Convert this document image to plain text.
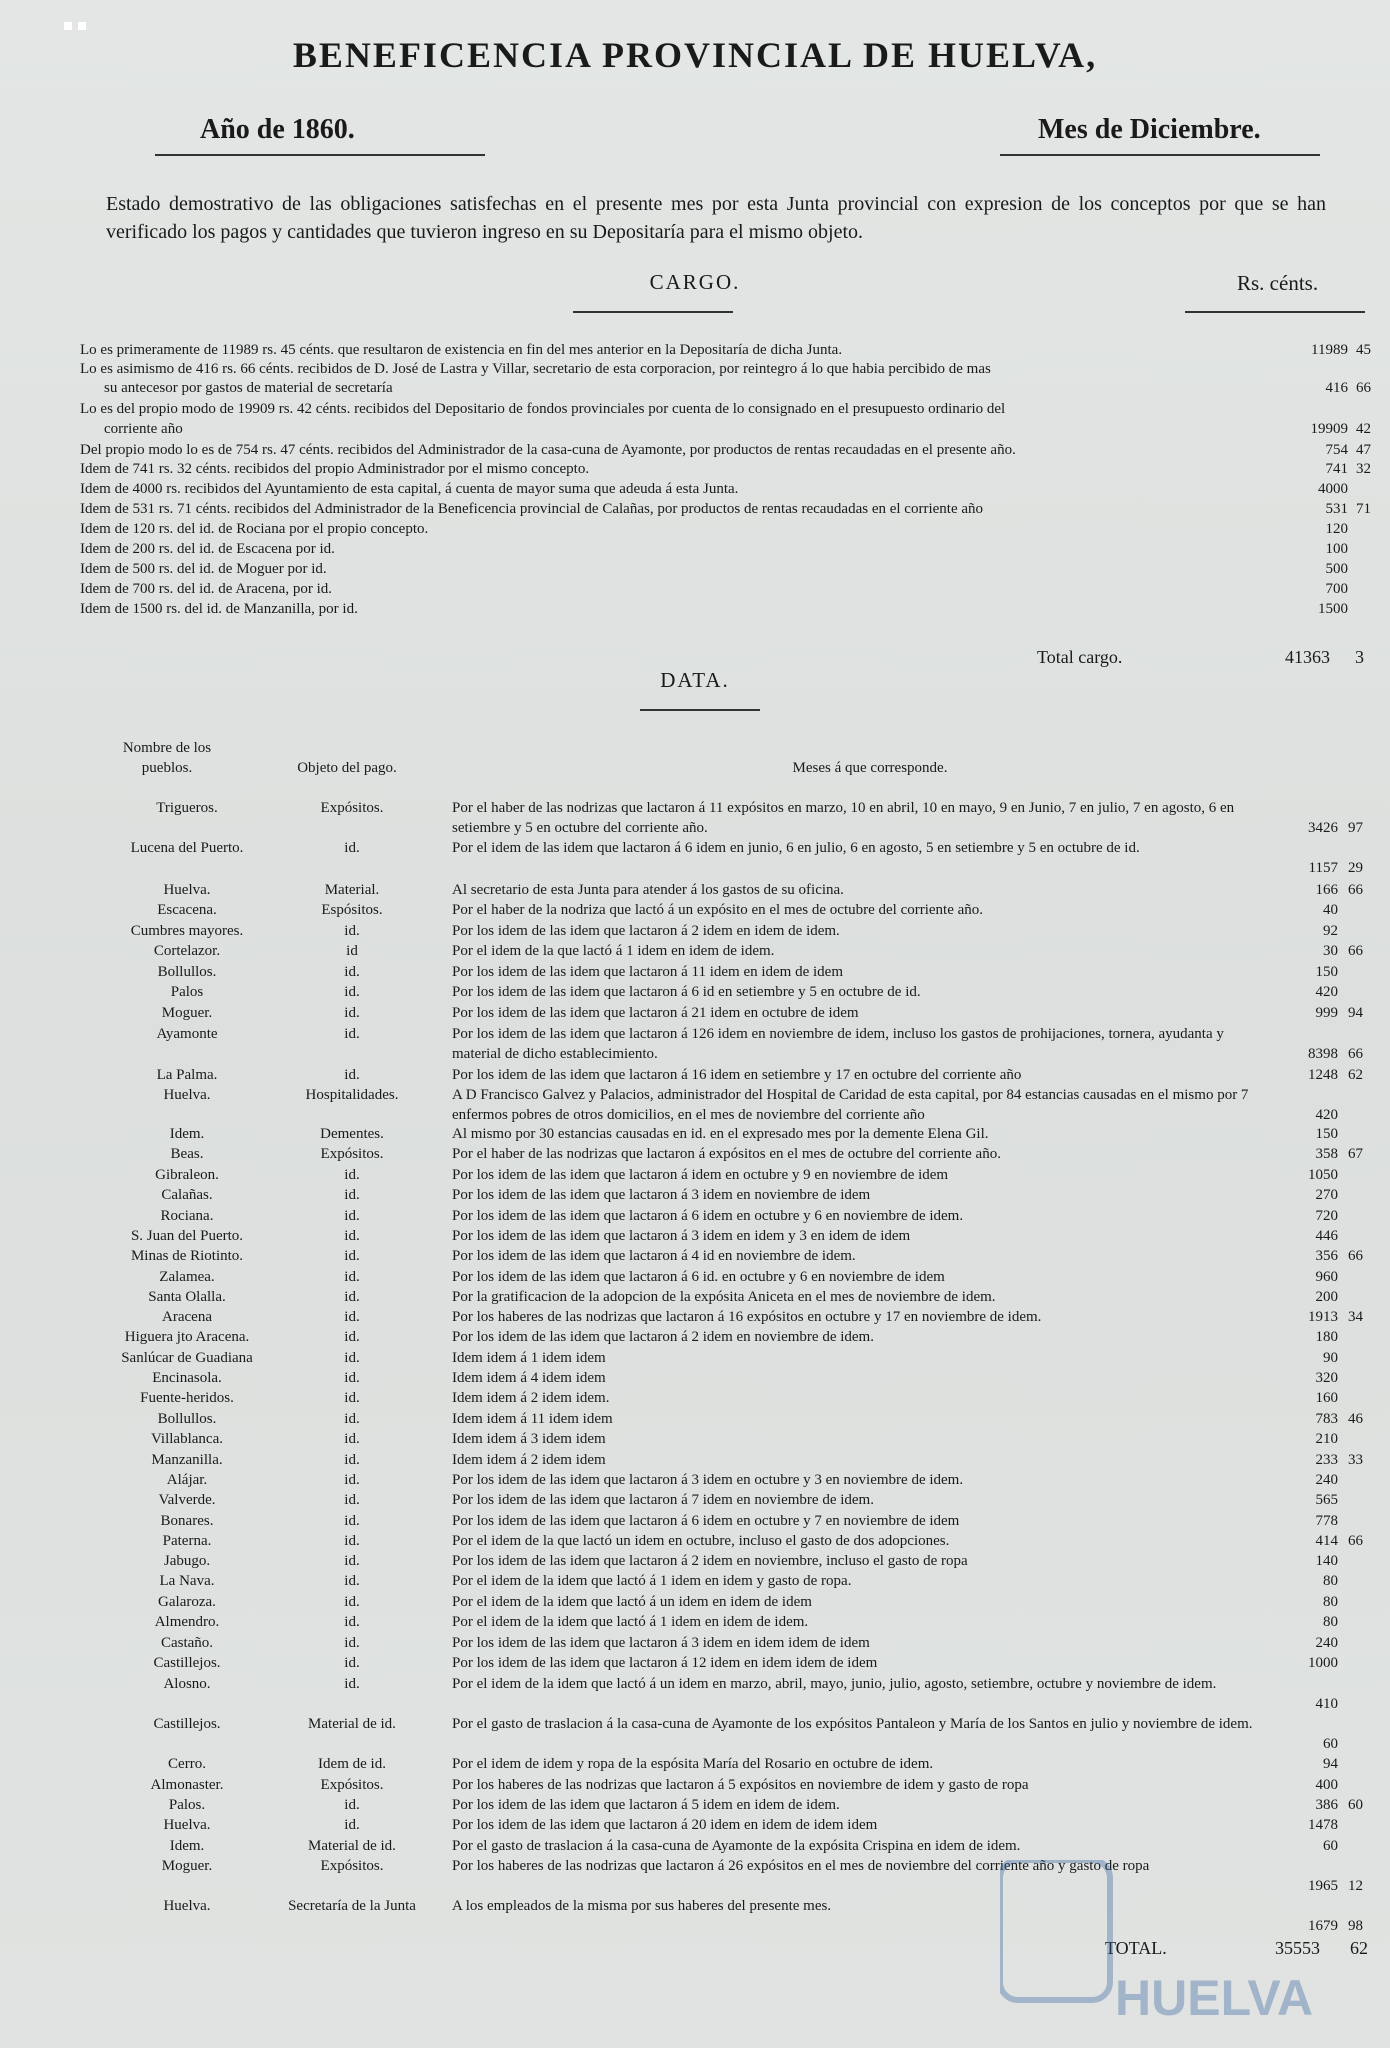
BENEFICENCIA PROVINCIAL DE HUELVA,
Año de 1860.	Mes de Diciembre.
Estado demostrativo de las obligaciones satisfechas en el presente mes por esta Junta provincial con expresion de los conceptos por que se han verificado los pagos y cantidades que tuvieron ingreso en su Depositaría para el mismo objeto.
CARGO.	Rs. cénts.
Lo es primeramente de 11989 rs. 45 cénts. que resultaron de existencia en fin del mes anterior en la Depositaría de dicha Junta.	11989 45
Lo es asimismo de 416 rs. 66 cénts. recibidos de D. José de Lastra y Villar, secretario de esta corporacion, por reintegro á lo que habia percibido de mas
su antecesor por gastos de material de secretaría	416 66
Lo es del propio modo de 19909 rs. 42 cénts. recibidos del Depositario de fondos provinciales por cuenta de lo consignado en el presupuesto ordinario del
corriente año	19909 42
Del propio modo lo es de 754 rs. 47 cénts. recibidos del Administrador de la casa-cuna de Ayamonte, por productos de rentas recaudadas en el presente año.	754 47
Idem de 741 rs. 32 cénts. recibidos del propio Administrador por el mismo concepto.	741 32
Idem de 4000 rs. recibidos del Ayuntamiento de esta capital, á cuenta de mayor suma que adeuda á esta Junta.	4000
Idem de 531 rs. 71 cénts. recibidos del Administrador de la Beneficencia provincial de Calañas, por productos de rentas recaudadas en el corriente año	531 71
Idem de 120 rs. del id. de Rociana por el propio concepto.	120
Idem de 200 rs. del id. de Escacena por id.	100
Idem de 500 rs. del id. de Moguer por id.	500
Idem de 700 rs. del id. de Aracena, por id.	700
Idem de 1500 rs. del id. de Manzanilla, por id.	1500
Total cargo.	41363 3
DATA.
Nombre de los pueblos.	Objeto del pago.	Meses á que corresponde.
Trigueros.	Expósitos.	Por el haber de las nodrizas que lactaron á 11 expósitos en marzo, 10 en abril, 10 en mayo, 9 en Junio, 7 en julio, 7 en agosto, 6 en setiembre y 5 en octubre del corriente año.	3426 97
Lucena del Puerto.	id.	Por el idem de las idem que lactaron á 6 idem en junio, 6 en julio, 6 en agosto, 5 en setiembre y 5 en octubre de id.
1157 29
Huelva.	Material.	Al secretario de esta Junta para atender á los gastos de su oficina.	166 66
Escacena.	Espósitos.	Por el haber de la nodriza que lactó á un expósito en el mes de octubre del corriente año.	40
Cumbres mayores.	id.	Por los idem de las idem que lactaron á 2 idem en idem de idem.	92
Cortelazor.	id	Por el idem de la que lactó á 1 idem en idem de idem.	30 66
Bollullos.	id.	Por los idem de las idem que lactaron á 11 idem en idem de idem	150
Palos	id.	Por los idem de las idem que lactaron á 6 id en setiembre y 5 en octubre de id.	420
Moguer.	id.	Por los idem de las idem que lactaron á 21 idem en octubre de idem	999 94
Ayamonte	id.	Por los idem de las idem que lactaron á 126 idem en noviembre de idem, incluso los gastos de prohijaciones, tornera, ayudanta y material de dicho establecimiento.	8398 66
La Palma.	id.	Por los idem de las idem que lactaron á 16 idem en setiembre y 17 en octubre del corriente año	1248 62
Huelva.	Hospitalidades.	A D Francisco Galvez y Palacios, administrador del Hospital de Caridad de esta capital, por 84 estancias causadas en el mismo por 7 enfermos pobres de otros domicilios, en el mes de noviembre del corriente año	420
Idem.	Dementes.	Al mismo por 30 estancias causadas en id. en el expresado mes por la demente Elena Gil.	150
Beas.	Expósitos.	Por el haber de las nodrizas que lactaron á expósitos en el mes de octubre del corriente año.	358 67
Gibraleon.	id.	Por los idem de las idem que lactaron á idem en octubre y 9 en noviembre de idem	1050
Calañas.	id.	Por los idem de las idem que lactaron á 3 idem en noviembre de idem	270
Rociana.	id.	Por los idem de las idem que lactaron á 6 idem en octubre y 6 en noviembre de idem.	720
S. Juan del Puerto.	id.	Por los idem de las idem que lactaron á 3 idem en idem y 3 en idem de idem	446
Minas de Riotinto.	id.	Por los idem de las idem que lactaron á 4 id en noviembre de idem.	356 66
Zalamea.	id.	Por los idem de las idem que lactaron á 6 id. en octubre y 6 en noviembre de idem	960
Santa Olalla.	id.	Por la gratificacion de la adopcion de la expósita Aniceta en el mes de noviembre de idem.	200
Aracena	id.	Por los haberes de las nodrizas que lactaron á 16 expósitos en octubre y 17 en noviembre de idem.	1913 34
Higuera jto Aracena.	id.	Por los idem de las idem que lactaron á 2 idem en noviembre de idem.	180
Sanlúcar de Guadiana	id.	Idem idem á 1 idem idem	90
Encinasola.	id.	Idem idem á 4 idem idem	320
Fuente-heridos.	id.	Idem idem á 2 idem idem.	160
Bollullos.	id.	Idem idem á 11 idem idem	783 46
Villablanca.	id.	Idem idem á 3 idem idem	210
Manzanilla.	id.	Idem idem á 2 idem idem	233 33
Alájar.	id.	Por los idem de las idem que lactaron á 3 idem en octubre y 3 en noviembre de idem.	240
Valverde.	id.	Por los idem de las idem que lactaron á 7 idem en noviembre de idem.	565
Bonares.	id.	Por los idem de las idem que lactaron á 6 idem en octubre y 7 en noviembre de idem	778
Paterna.	id.	Por el idem de la que lactó un idem en octubre, incluso el gasto de dos adopciones.	414 66
Jabugo.	id.	Por los idem de las idem que lactaron á 2 idem en noviembre, incluso el gasto de ropa	140
La Nava.	id.	Por el idem de la idem que lactó á 1 idem en idem y gasto de ropa.	80
Galaroza.	id.	Por el idem de la idem que lactó á un idem en idem de idem	80
Almendro.	id.	Por el idem de la idem que lactó á 1 idem en idem de idem.	80
Castaño.	id.	Por los idem de las idem que lactaron á 3 idem en idem idem de idem	240
Castillejos.	id.	Por los idem de las idem que lactaron á 12 idem en idem idem de idem	1000
Alosno.	id.	Por el idem de la idem que lactó á un idem en marzo, abril, mayo, junio, julio, agosto, setiembre, octubre y noviembre de idem.
410
Castillejos.	Material de id.	Por el gasto de traslacion á la casa-cuna de Ayamonte de los expósitos Pantaleon y María de los Santos en julio y noviembre de idem.
60
Cerro.	Idem de id.	Por el idem de idem y ropa de la espósita María del Rosario en octubre de idem.	94
Almonaster.	Expósitos.	Por los haberes de las nodrizas que lactaron á 5 expósitos en noviembre de idem y gasto de ropa	400
Palos.	id.	Por los idem de las idem que lactaron á 5 idem en idem de idem.	386 60
Huelva.	id.	Por los idem de las idem que lactaron á 20 idem en idem de idem idem	1478
Idem.	Material de id.	Por el gasto de traslacion á la casa-cuna de Ayamonte de la expósita Crispina en idem de idem.	60
Moguer.	Expósitos.	Por los haberes de las nodrizas que lactaron á 26 expósitos en el mes de noviembre del corriente año y gasto de ropa
1965 12
Huelva.	Secretaría de la Junta	A los empleados de la misma por sus haberes del presente mes.
1679 98
TOTAL.	35553 62
HUELVA
